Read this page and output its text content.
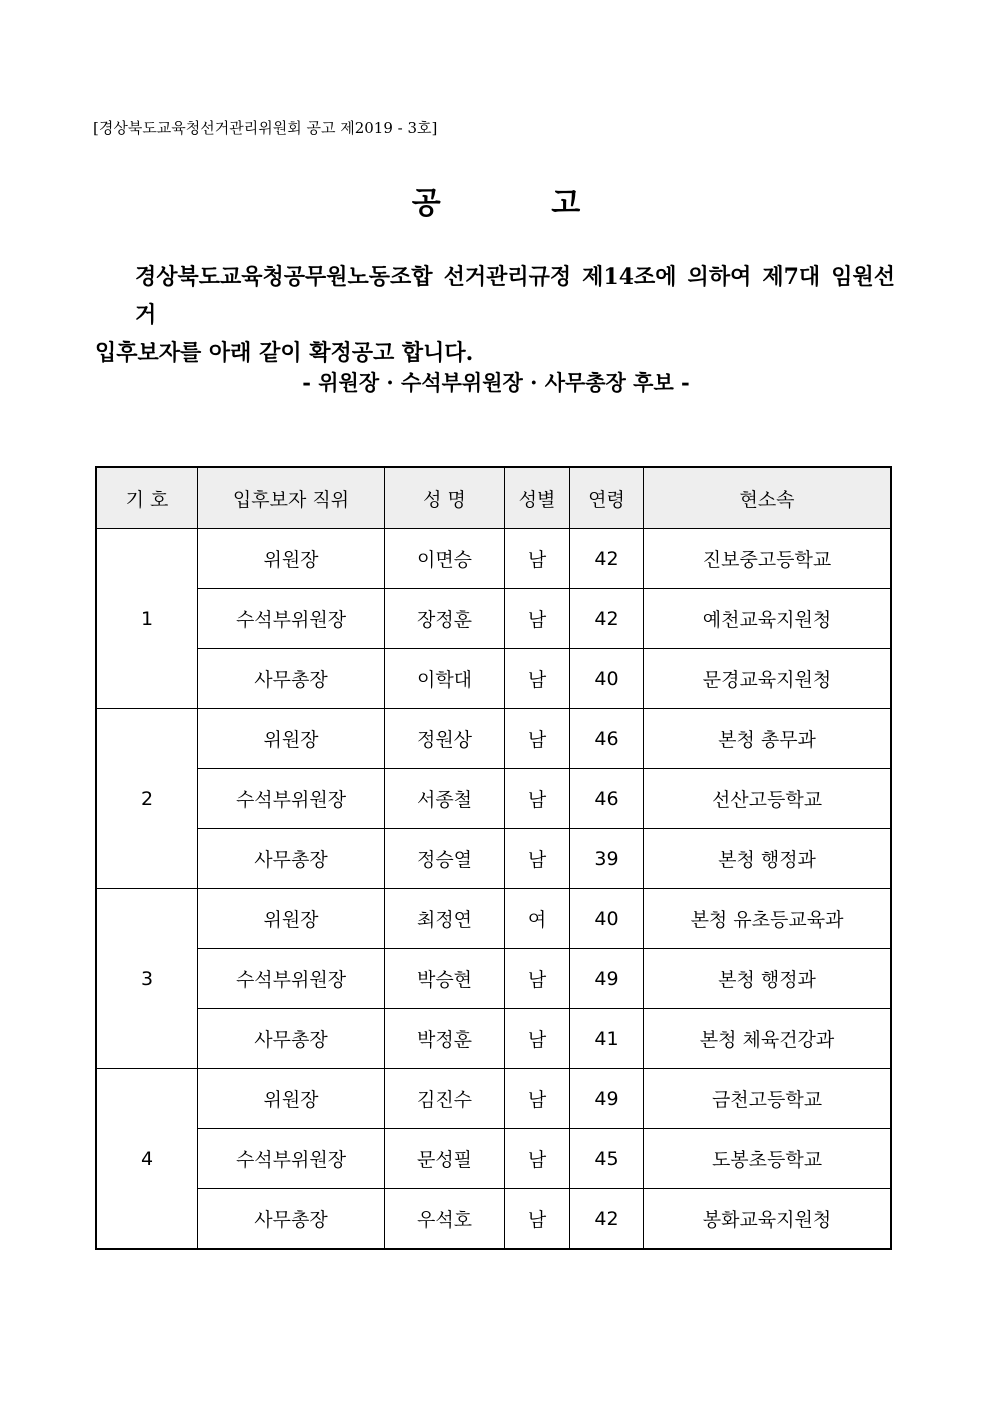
[경상북도교육청선거관리위원회 공고 제2019 - 3호]
공 고
경상북도교육청공무원노동조합 선거관리규정 제14조에 의하여 제7대 임원선거
입후보자를 아래 같이 확정공고 합니다.
- 위원장 · 수석부위원장 · 사무총장 후보 -
기 호	입후보자 직위	성 명	성별	연령	현소속
1	위원장	이면승	남	42	진보중고등학교
	수석부위원장	장정훈	남	42	예천교육지원청
	사무총장	이학대	남	40	문경교육지원청
2	위원장	정원상	남	46	본청 총무과
	수석부위원장	서종철	남	46	선산고등학교
	사무총장	정승열	남	39	본청 행정과
3	위원장	최정연	여	40	본청 유초등교육과
	수석부위원장	박승현	남	49	본청 행정과
	사무총장	박정훈	남	41	본청 체육건강과
4	위원장	김진수	남	49	금천고등학교
	수석부위원장	문성필	남	45	도봉초등학교
	사무총장	우석호	남	42	봉화교육지원청
